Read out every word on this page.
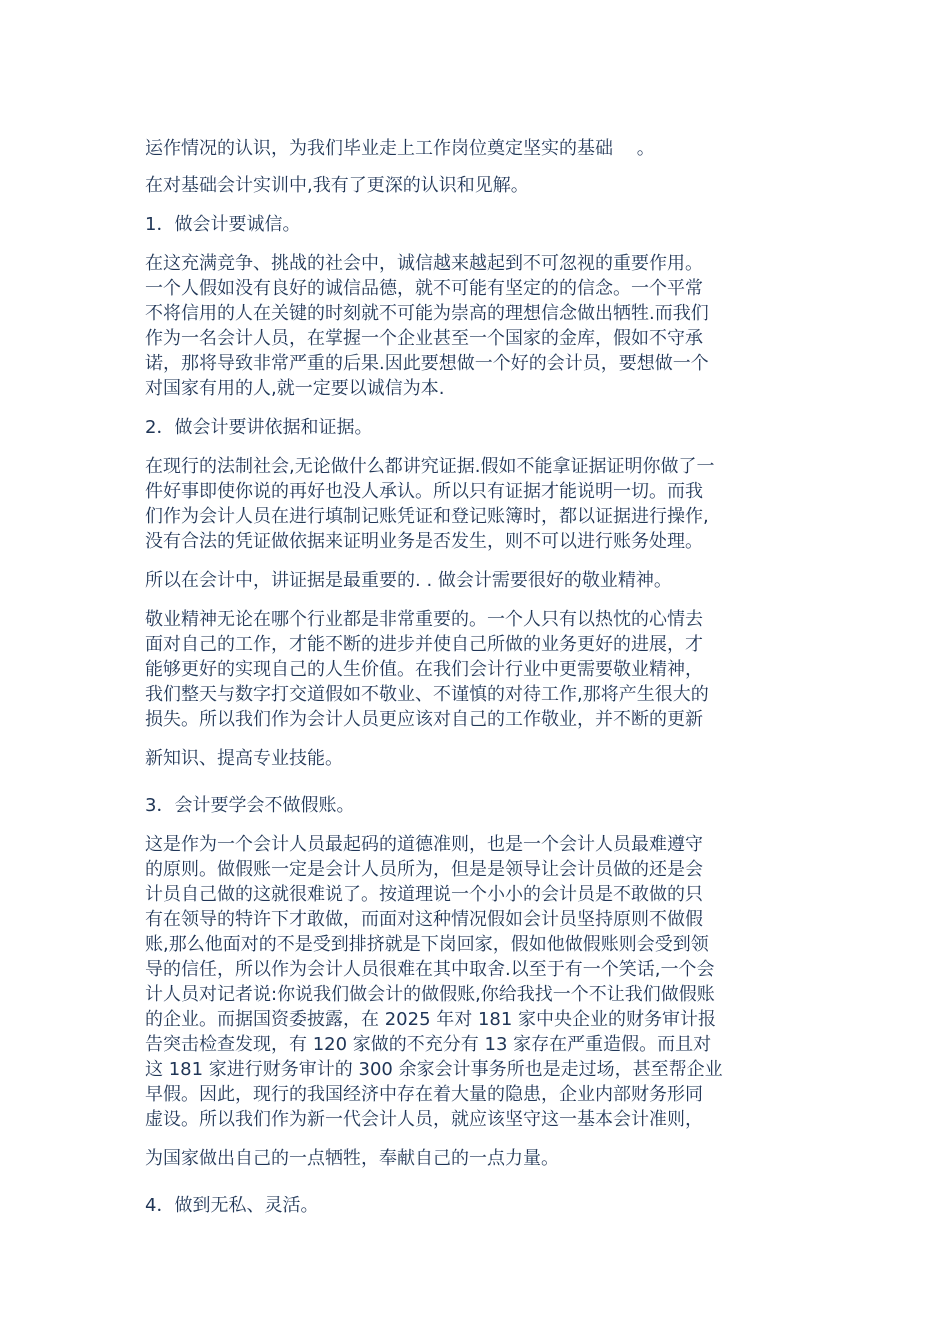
运作情况的认识，为我们毕业走上工作岗位奠定坚实的基础　 。

在对基础会计实训中,我有了更深的认识和见解。

1．做会计要诚信。

在这充满竞争、挑战的社会中，诚信越来越起到不可忽视的重要作用。

一个人假如没有良好的诚信品德，就不可能有坚定的的信念。一个平常

不将信用的人在关键的时刻就不可能为崇高的理想信念做出牺牲.而我们

作为一名会计人员，在掌握一个企业甚至一个国家的金库，假如不守承

诺，那将导致非常严重的后果.因此要想做一个好的会计员，要想做一个

对国家有用的人,就一定要以诚信为本.

2．做会计要讲依据和证据。

在现行的法制社会,无论做什么都讲究证据.假如不能拿证据证明你做了一

件好事即使你说的再好也没人承认。所以只有证据才能说明一切。而我

们作为会计人员在进行填制记账凭证和登记账簿时，都以证据进行操作,

没有合法的凭证做依据来证明业务是否发生，则不可以进行账务处理。

所以在会计中，讲证据是最重要的. . 做会计需要很好的敬业精神。

敬业精神无论在哪个行业都是非常重要的。一个人只有以热忱的心情去

面对自己的工作，才能不断的进步并使自己所做的业务更好的进展，才

能够更好的实现自己的人生价值。在我们会计行业中更需要敬业精神，

我们整天与数字打交道假如不敬业、不谨慎的对待工作,那将产生很大的

损失。所以我们作为会计人员更应该对自己的工作敬业，并不断的更新

新知识、提高专业技能。

3．会计要学会不做假账。

这是作为一个会计人员最起码的道德准则，也是一个会计人员最难遵守

的原则。做假账一定是会计人员所为，但是是领导让会计员做的还是会

计员自己做的这就很难说了。按道理说一个小小的会计员是不敢做的只

有在领导的特许下才敢做，而面对这种情况假如会计员坚持原则不做假

账,那么他面对的不是受到排挤就是下岗回家，假如他做假账则会受到领

导的信任，所以作为会计人员很难在其中取舍.以至于有一个笑话,一个会

计人员对记者说:你说我们做会计的做假账,你给我找一个不让我们做假账

的企业。而据国资委披露，在 2025 年对 181 家中央企业的财务审计报

告突击检查发现，有 120 家做的不充分有 13 家存在严重造假。而且对

这 181 家进行财务审计的 300 余家会计事务所也是走过场，甚至帮企业

早假。因此，现行的我国经济中存在着大量的隐患，企业内部财务形同

虚设。所以我们作为新一代会计人员，就应该坚守这一基本会计准则，

为国家做出自己的一点牺牲，奉献自己的一点力量。

4．做到无私、灵活。
